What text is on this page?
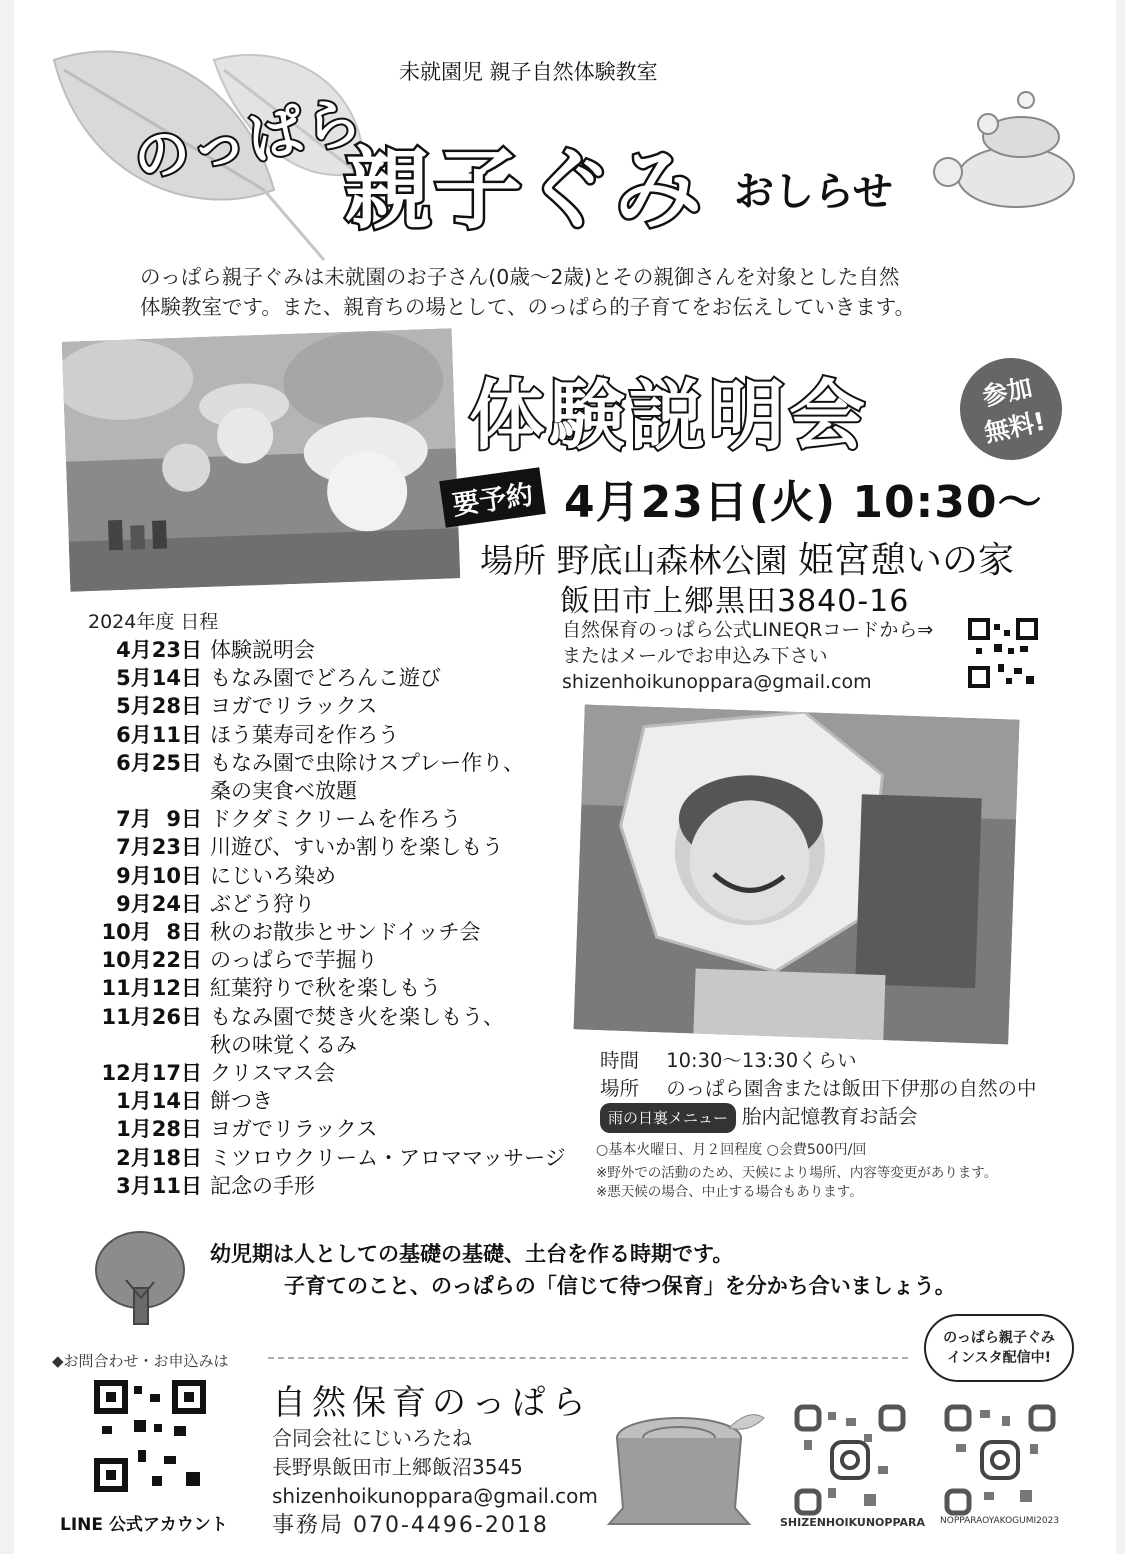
未就園児 親子自然体験教室
のっぱら
親子ぐみ おしらせ
のっぱら親子ぐみは未就園のお子さん(0歳〜2歳)とその親御さんを対象とした自然
体験教室です。また、親育ちの場として、のっぱら的子育てをお伝えしていきます。
体験説明会	参加
無料!
要予約 4月23日(火) 10:30〜
場所 野底山森林公園 姫宮憩いの家
飯田市上郷黒田3840-16
自然保育のっぱら公式LINEQRコードから⇒
またはメールでお申込み下さい
shizenhoikunoppara@gmail.com
2024年度 日程
4月23日 体験説明会
5月14日 もなみ園でどろんこ遊び
5月28日 ヨガでリラックス
6月11日 ほう葉寿司を作ろう
6月25日 もなみ園で虫除けスプレー作り、
桑の実食べ放題
7月  9日 ドクダミクリームを作ろう
7月23日 川遊び、すいか割りを楽しもう
9月10日 にじいろ染め
9月24日 ぶどう狩り
10月  8日 秋のお散歩とサンドイッチ会
10月22日 のっぱらで芋掘り
11月12日 紅葉狩りで秋を楽しもう
11月26日 もなみ園で焚き火を楽しもう、
秋の味覚くるみ
12月17日 クリスマス会
1月14日 餅つき
1月28日 ヨガでリラックス
2月18日 ミツロウクリーム・アロママッサージ
3月11日 記念の手形
時間 10:30〜13:30くらい
場所 のっぱら園舎または飯田下伊那の自然の中
雨の日裏メニュー 胎内記憶教育お話会
○基本火曜日、月２回程度 ○会費500円/回
※野外での活動のため、天候により場所、内容等変更があります。
※悪天候の場合、中止する場合もあります。
幼児期は人としての基礎の基礎、土台を作る時期です。
子育てのこと、のっぱらの「信じて待つ保育」を分かち合いましょう。
◆お問合わせ・お申込みは
LINE 公式アカウント
自然保育のっぱら
合同会社にじいろたね
長野県飯田市上郷飯沼3545
shizenhoikunoppara@gmail.com
事務局 070-4496-2018	SHIZENHOIKUNOPPARA NOPPARAOYAKOGUMI2023
のっぱら親子ぐみ
インスタ配信中!
